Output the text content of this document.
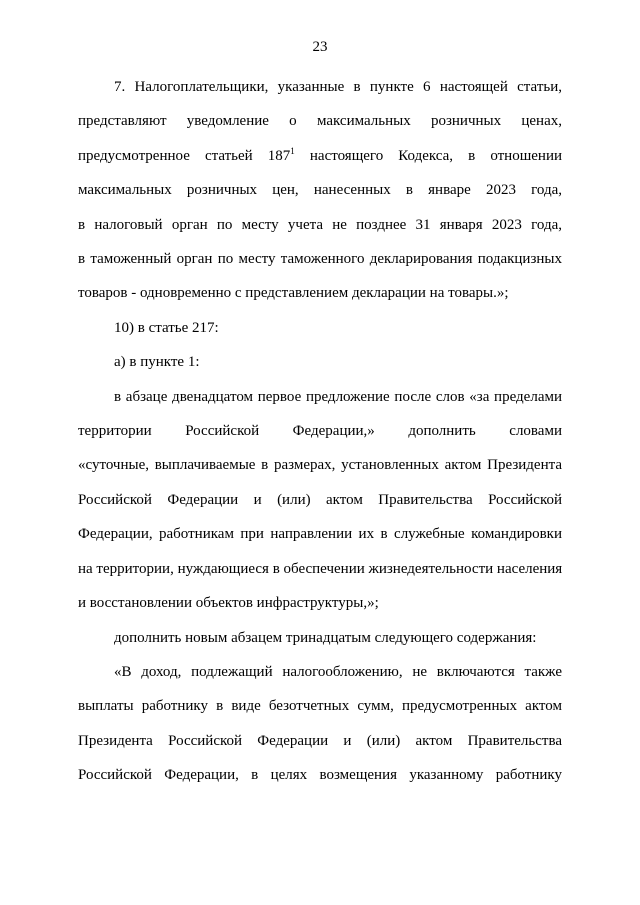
23
7. Налогоплательщики, указанные в пункте 6 настоящей статьи,
представляют уведомление о максимальных розничных ценах,
предусмотренное статьей $187^1$ настоящего Кодекса, в отношении
максимальных розничных цен, нанесенных в январе 2023 года,
в налоговый орган по месту учета не позднее 31 января 2023 года,
в таможенный орган по месту таможенного декларирования подакцизных
товаров - одновременно с представлением декларации на товары.»;

10) в статье 217:

а) в пункте 1:

в абзаце двенадцатом первое предложение после слов «за пределами
территории Российской Федерации,» дополнить словами
«суточные, выплачиваемые в размерах, установленных актом Президента
Российской Федерации и (или) актом Правительства Российской
Федерации, работникам при направлении их в служебные командировки
на территории, нуждающиеся в обеспечении жизнедеятельности населения
и восстановлении объектов инфраструктуры,»;

дополнить новым абзацем тринадцатым следующего содержания:

«В доход, подлежащий налогообложению, не включаются также
выплаты работнику в виде безотчетных сумм, предусмотренных актом
Президента Российской Федерации и (или) актом Правительства
Российской Федерации, в целях возмещения указанному работнику
